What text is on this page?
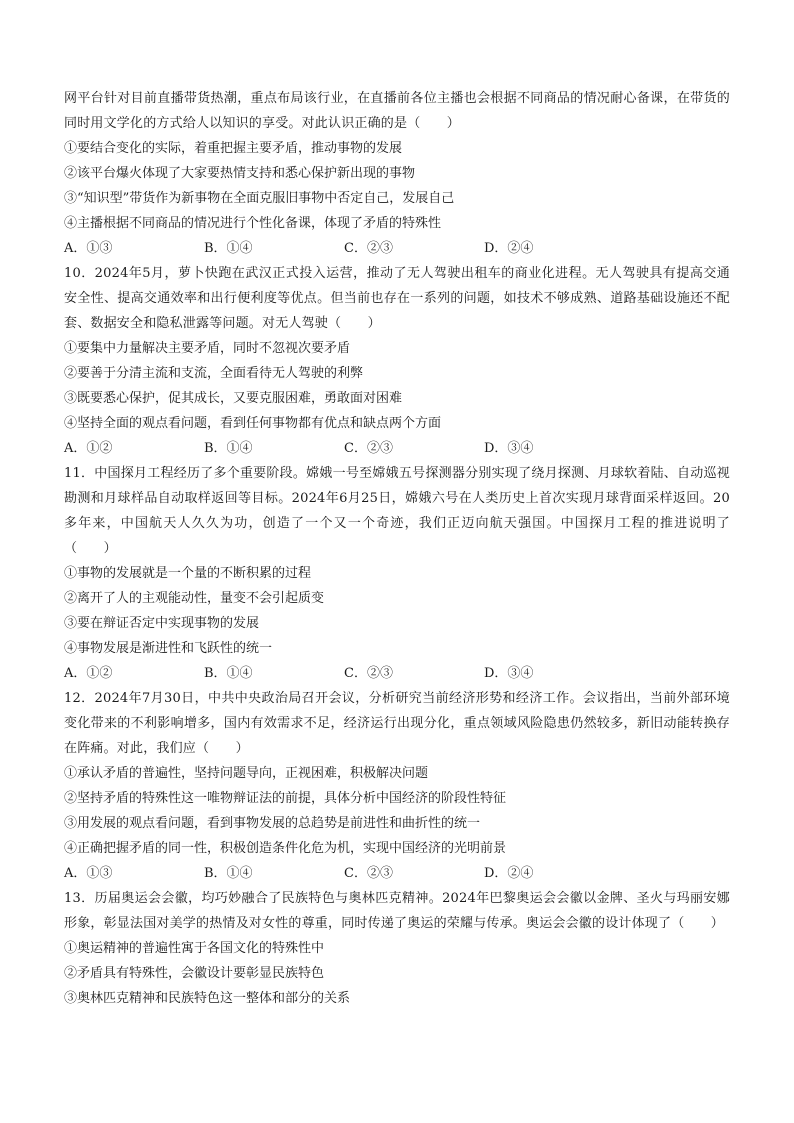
网平台针对目前直播带货热潮，重点布局该行业，在直播前各位主播也会根据不同商品的情况耐心备课，在带货的同时用文学化的方式给人以知识的享受。对此认识正确的是（　　）

①要结合变化的实际，着重把握主要矛盾，推动事物的发展

②该平台爆火体现了大家要热情支持和悉心保护新出现的事物

③“知识型”带货作为新事物在全面克服旧事物中否定自己，发展自己

④主播根据不同商品的情况进行个性化备课，体现了矛盾的特殊性

A．①③	B．①④	C．②③	D．②④

10．2024年5月，萝卜快跑在武汉正式投入运营，推动了无人驾驶出租车的商业化进程。无人驾驶具有提高交通安全性、提高交通效率和出行便利度等优点。但当前也存在一系列的问题，如技术不够成熟、道路基础设施还不配套、数据安全和隐私泄露等问题。对无人驾驶（　　）

①要集中力量解决主要矛盾，同时不忽视次要矛盾

②要善于分清主流和支流，全面看待无人驾驶的利弊

③既要悉心保护，促其成长，又要克服困难，勇敢面对困难

④坚持全面的观点看问题，看到任何事物都有优点和缺点两个方面

A．①②	B．①④	C．②③	D．③④

11．中国探月工程经历了多个重要阶段。嫦娥一号至嫦娥五号探测器分别实现了绕月探测、月球软着陆、自动巡视勘测和月球样品自动取样返回等目标。2024年6月25日，嫦娥六号在人类历史上首次实现月球背面采样返回。20多年来，中国航天人久久为功，创造了一个又一个奇迹，我们正迈向航天强国。中国探月工程的推进说明了（　　）

①事物的发展就是一个量的不断积累的过程

②离开了人的主观能动性，量变不会引起质变

③要在辩证否定中实现事物的发展

④事物发展是渐进性和飞跃性的统一

A．①②	B．①④	C．②③	D．③④

12．2024年7月30日，中共中央政治局召开会议，分析研究当前经济形势和经济工作。会议指出，当前外部环境变化带来的不利影响增多，国内有效需求不足，经济运行出现分化，重点领域风险隐患仍然较多，新旧动能转换存在阵痛。对此，我们应（　　）

①承认矛盾的普遍性，坚持问题导向，正视困难，积极解决问题

②坚持矛盾的特殊性这一唯物辩证法的前提，具体分析中国经济的阶段性特征

③用发展的观点看问题，看到事物发展的总趋势是前进性和曲折性的统一

④正确把握矛盾的同一性，积极创造条件化危为机，实现中国经济的光明前景

A．①③	B．①④	C．②③	D．②④

13．历届奥运会会徽，均巧妙融合了民族特色与奥林匹克精神。2024年巴黎奥运会会徽以金牌、圣火与玛丽安娜形象，彰显法国对美学的热情及对女性的尊重，同时传递了奥运的荣耀与传承。奥运会会徽的设计体现了（　　）

①奥运精神的普遍性寓于各国文化的特殊性中

②矛盾具有特殊性，会徽设计要彰显民族特色

③奥林匹克精神和民族特色这一整体和部分的关系
